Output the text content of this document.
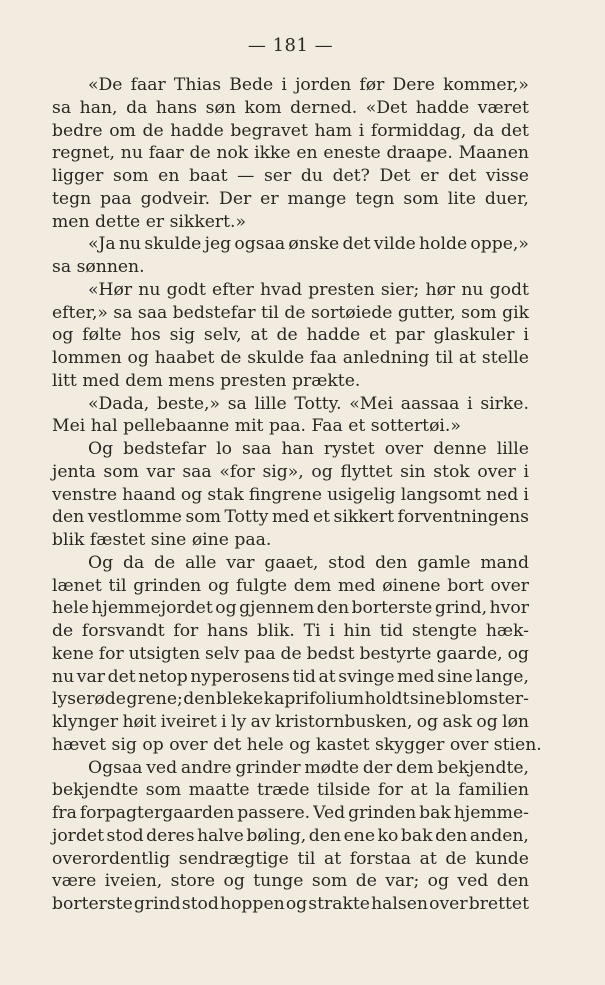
— 181 —
«De faar Thias Bede i jorden før Dere kommer,»
sa han, da hans søn kom derned. «Det hadde været
bedre om de hadde begravet ham i formiddag, da det
regnet, nu faar de nok ikke en eneste draape. Maanen
ligger som en baat — ser du det? Det er det visse
tegn paa godveir. Der er mange tegn som lite duer,
men dette er sikkert.»
«Ja nu skulde jeg ogsaa ønske det vilde holde oppe,»
sa sønnen.
«Hør nu godt efter hvad presten sier; hør nu godt
efter,» sa saa bedstefar til de sortøiede gutter, som gik
og følte hos sig selv, at de hadde et par glaskuler i
lommen og haabet de skulde faa anledning til at stelle
litt med dem mens presten prækte.
«Dada, beste,» sa lille Totty. «Mei aassaa i sirke.
Mei hal pellebaanne mit paa. Faa et sottertøi.»
Og bedstefar lo saa han rystet over denne lille
jenta som var saa «for sig», og flyttet sin stok over i
venstre haand og stak fingrene usigelig langsomt ned i
den vestlomme som Totty med et sikkert forventningens
blik fæstet sine øine paa.
Og da de alle var gaaet, stod den gamle mand
lænet til grinden og fulgte dem med øinene bort over
hele hjemmejordet og gjennem den borterste grind, hvor
de forsvandt for hans blik. Ti i hin tid stengte hæk-
kene for utsigten selv paa de bedst bestyrte gaarde, og
nu var det netop nyperosens tid at svinge med sine lange,
lyserøde grene; den bleke kaprifolium holdt sine blomster-
klynger høit iveiret i ly av kristornbusken, og ask og løn
hævet sig op over det hele og kastet skygger over stien.
Ogsaa ved andre grinder mødte der dem bekjendte,
bekjendte som maatte træde tilside for at la familien
fra forpagtergaarden passere. Ved grinden bak hjemme-
jordet stod deres halve bøling, den ene ko bak den anden,
overordentlig sendrægtige til at forstaa at de kunde
være iveien, store og tunge som de var; og ved den
borterste grind stod hoppen og strakte halsen over brettet
